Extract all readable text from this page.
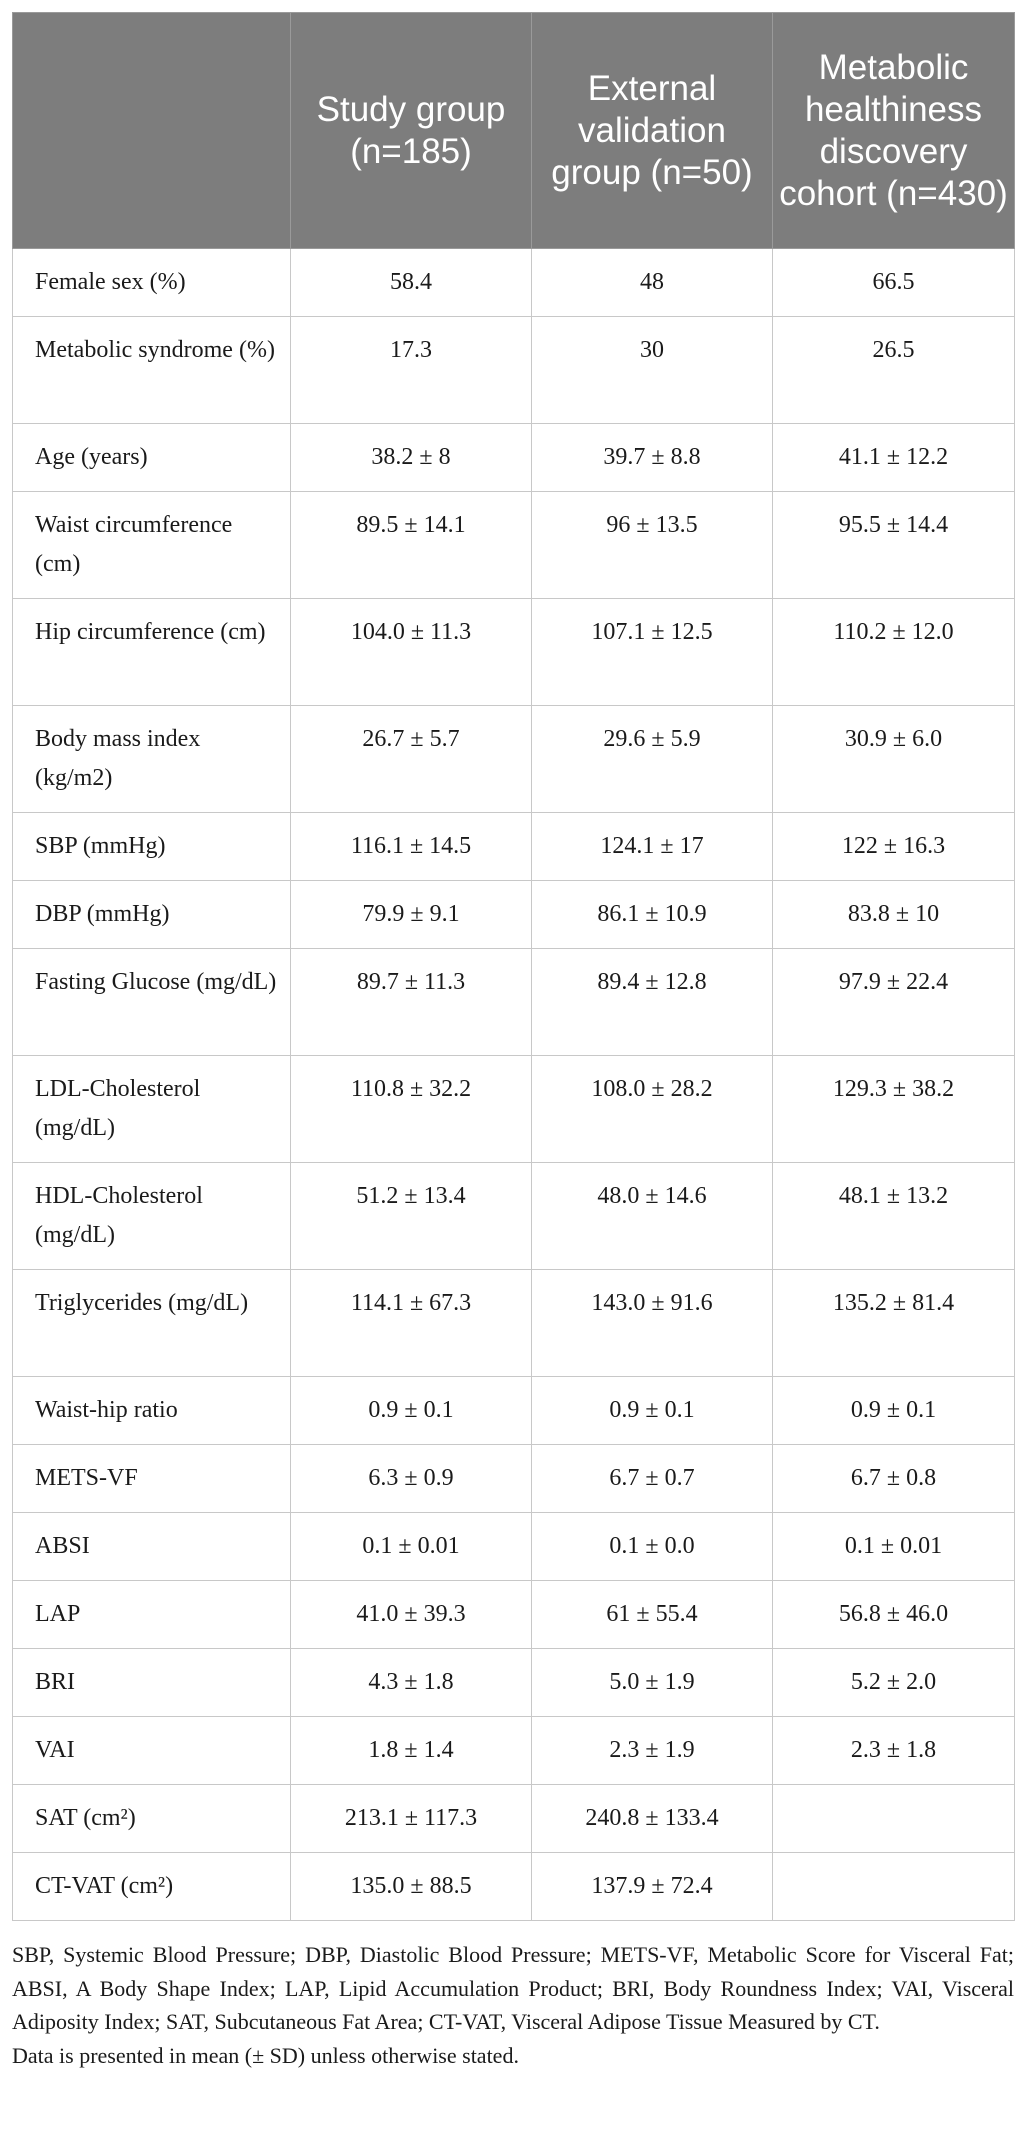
	Study group (n=185)	External validation group (n=50)	Metabolic healthiness discovery cohort (n=430)
Female sex (%)	58.4	48	66.5
Metabolic syndrome (%)	17.3	30	26.5
Age (years)	38.2 ± 8	39.7 ± 8.8	41.1 ± 12.2
Waist circumference (cm)	89.5 ± 14.1	96 ± 13.5	95.5 ± 14.4
Hip circumference (cm)	104.0 ± 11.3	107.1 ± 12.5	110.2 ± 12.0
Body mass index (kg/m2)	26.7 ± 5.7	29.6 ± 5.9	30.9 ± 6.0
SBP (mmHg)	116.1 ± 14.5	124.1 ± 17	122 ± 16.3
DBP (mmHg)	79.9 ± 9.1	86.1 ± 10.9	83.8 ± 10
Fasting Glucose (mg/dL)	89.7 ± 11.3	89.4 ± 12.8	97.9 ± 22.4
LDL-Cholesterol (mg/dL)	110.8 ± 32.2	108.0 ± 28.2	129.3 ± 38.2
HDL-Cholesterol (mg/dL)	51.2 ± 13.4	48.0 ± 14.6	48.1 ± 13.2
Triglycerides (mg/dL)	114.1 ± 67.3	143.0 ± 91.6	135.2 ± 81.4
Waist-hip ratio	0.9 ± 0.1	0.9 ± 0.1	0.9 ± 0.1
METS-VF	6.3 ± 0.9	6.7 ± 0.7	6.7 ± 0.8
ABSI	0.1 ± 0.01	0.1 ± 0.0	0.1 ± 0.01
LAP	41.0 ± 39.3	61 ± 55.4	56.8 ± 46.0
BRI	4.3 ± 1.8	5.0 ± 1.9	5.2 ± 2.0
VAI	1.8 ± 1.4	2.3 ± 1.9	2.3 ± 1.8
SAT (cm²)	213.1 ± 117.3	240.8 ± 133.4	
CT-VAT (cm²)	135.0 ± 88.5	137.9 ± 72.4	

SBP, Systemic Blood Pressure; DBP, Diastolic Blood Pressure; METS-VF, Metabolic Score for Visceral Fat; ABSI, A Body Shape Index; LAP, Lipid Accumulation Product; BRI, Body Roundness Index; VAI, Visceral Adiposity Index; SAT, Subcutaneous Fat Area; CT-VAT, Visceral Adipose Tissue Measured by CT.

Data is presented in mean (± SD) unless otherwise stated.
